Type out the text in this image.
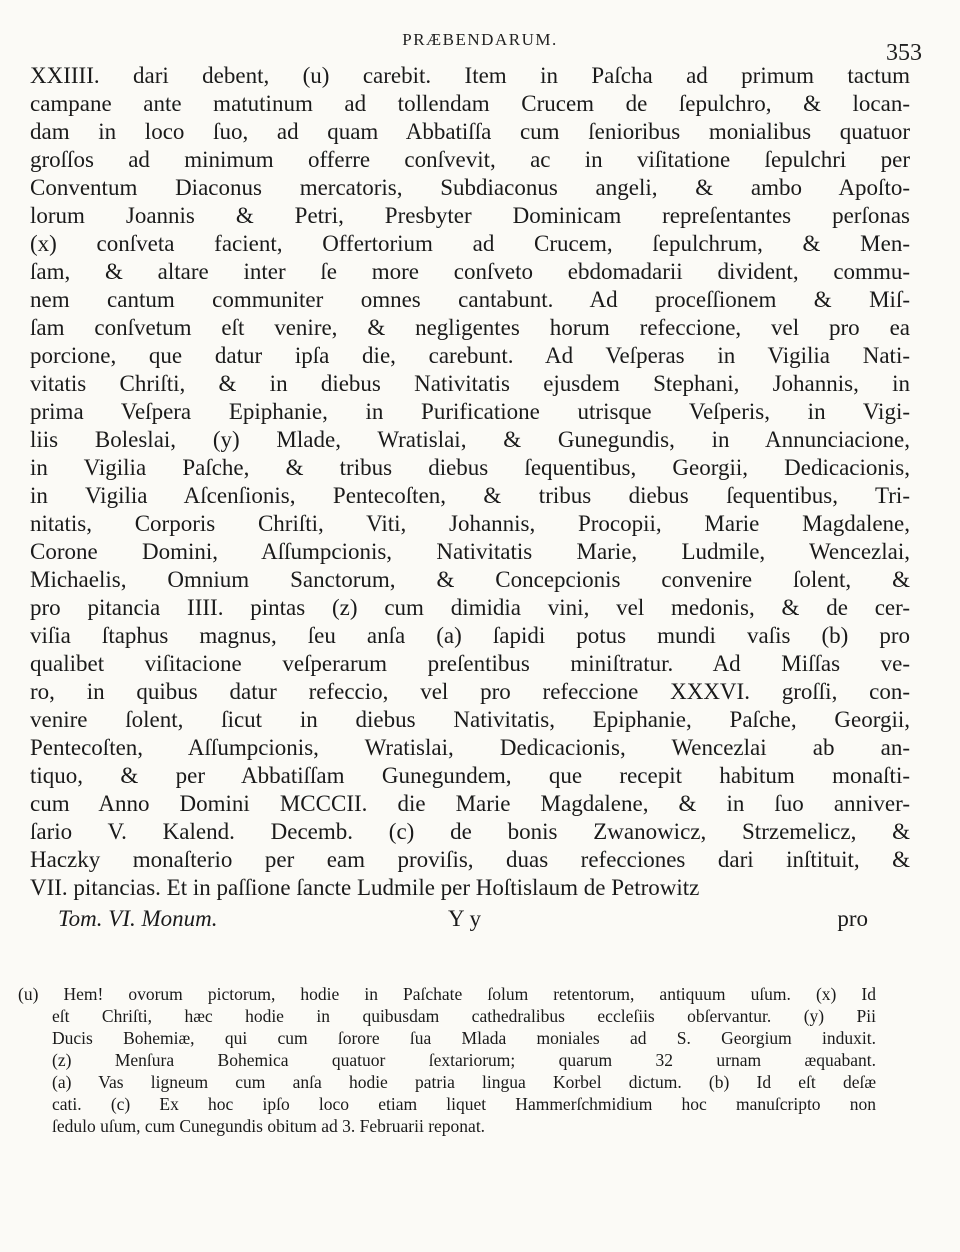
PRÆBENDARUM.
353
XXIIII. dari debent, (u) carebit. Item in Paſcha ad primum tactum
campane ante matutinum ad tollendam Crucem de ſepulchro, & locan-
dam in loco ſuo, ad quam Abbatiſſa cum ſenioribus monialibus quatuor
groſſos ad minimum offerre conſvevit, ac in viſitatione ſepulchri per
Conventum Diaconus mercatoris, Subdiaconus angeli, & ambo Apoſto-
lorum Joannis & Petri, Presbyter Dominicam repreſentantes perſonas
(x) conſveta facient, Offertorium ad Crucem, ſepulchrum, & Men-
ſam, & altare inter ſe more conſveto ebdomadarii divident, commu-
nem cantum communiter omnes cantabunt. Ad proceſſionem & Miſ-
ſam conſvetum eſt venire, & negligentes horum refeccione, vel pro ea
porcione, que datur ipſa die, carebunt. Ad Veſperas in Vigilia Nati-
vitatis Chriſti, & in diebus Nativitatis ejusdem Stephani, Johannis, in
prima Veſpera Epiphanie, in Purificatione utrisque Veſperis, in Vigi-
liis Boleslai, (y) Mlade, Wratislai, & Gunegundis, in Annunciacione,
in Vigilia Paſche, & tribus diebus ſequentibus, Georgii, Dedicacionis,
in Vigilia Aſcenſionis, Pentecoſten, & tribus diebus ſequentibus, Tri-
nitatis, Corporis Chriſti, Viti, Johannis, Procopii, Marie Magdalene,
Corone Domini, Aſſumpcionis, Nativitatis Marie, Ludmile, Wencezlai,
Michaelis, Omnium Sanctorum, & Concepcionis convenire ſolent, &
pro pitancia IIII. pintas (z) cum dimidia vini, vel medonis, & de cer-
viſia ſtaphus magnus, ſeu anſa (a) ſapidi potus mundi vaſis (b) pro
qualibet viſitacione veſperarum preſentibus miniſtratur. Ad Miſſas ve-
ro, in quibus datur refeccio, vel pro refeccione XXXVI. groſſi, con-
venire ſolent, ſicut in diebus Nativitatis, Epiphanie, Paſche, Georgii,
Pentecoſten, Aſſumpcionis, Wratislai, Dedicacionis, Wencezlai ab an-
tiquo, & per Abbatiſſam Gunegundem, que recepit habitum monaſti-
cum Anno Domini MCCCII. die Marie Magdalene, & in ſuo anniver-
ſario V. Kalend. Decemb. (c) de bonis Zwanowicz, Strzemelicz, &
Haczky monaſterio per eam proviſis, duas refecciones dari inſtituit, &
VII. pitancias. Et in paſſione ſancte Ludmile per Hoſtislaum de Petrowitz
Tom. VI. Monum.	Y y	pro
(u) Hem! ovorum pictorum, hodie in Paſchate ſolum retentorum, antiquum uſum. (x) Id
eſt Chriſti, hæc hodie in quibusdam cathedralibus eccleſiis obſervantur. (y) Pii
Ducis Bohemiæ, qui cum ſorore ſua Mlada moniales ad S. Georgium induxit.
(z) Menſura Bohemica quatuor ſextariorum; quarum 32 urnam æquabant.
(a) Vas ligneum cum anſa hodie patria lingua Korbel dictum. (b) Id eſt deſæ
cati. (c) Ex hoc ipſo loco etiam liquet Hammerſchmidium hoc manuſcripto non
ſedulo uſum, cum Cunegundis obitum ad 3. Februarii reponat.
